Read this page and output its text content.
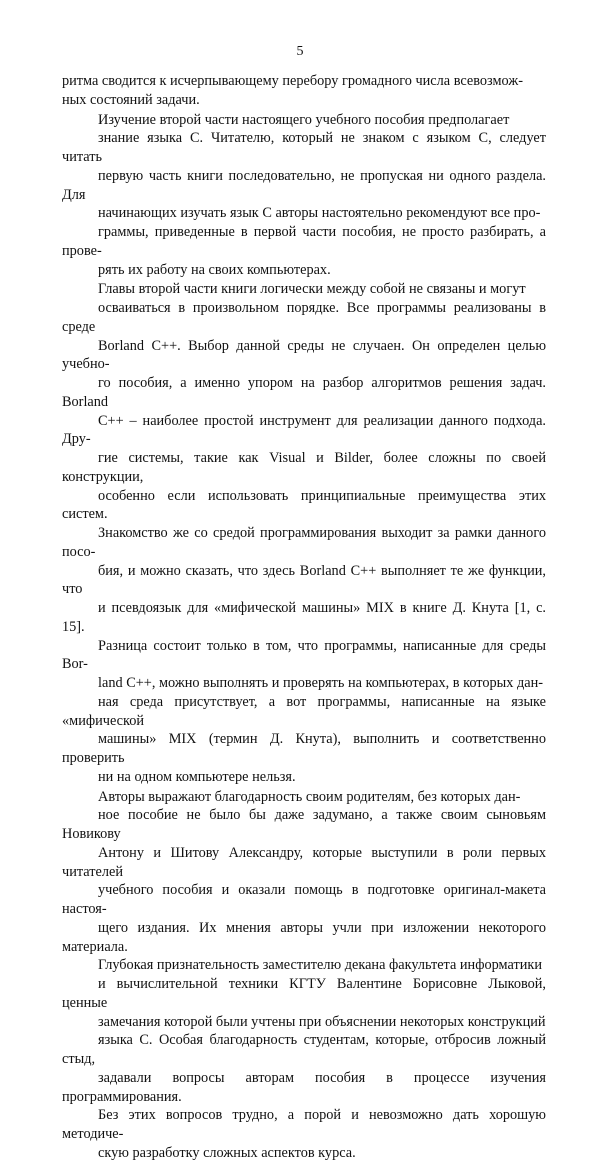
5

ритма сводится к исчерпывающему перебору громадного числа всевозмож-
ных состояний задачи.

Изучение второй части настоящего учебного пособия предполагает
знание языка С. Читателю, который не знаком с языком С, следует читать
первую часть книги последовательно, не пропуская ни одного раздела. Для
начинающих изучать язык С авторы настоятельно рекомендуют все про-
граммы, приведенные в первой части пособия, не просто разбирать, а прове-
рять их работу на своих компьютерах.

Главы второй части книги логически между собой не связаны и могут
осваиваться в произвольном порядке. Все программы реализованы в среде
Borland C++. Выбор данной среды не случаен. Он определен целью учебно-
го пособия, а именно упором на разбор алгоритмов решения задач. Borland
C++ – наиболее простой инструмент для реализации данного подхода. Дру-
гие системы, такие как Visual и Bilder, более сложны по своей конструкции,
особенно если использовать принципиальные преимущества этих систем.
Знакомство же со средой программирования выходит за рамки данного посо-
бия, и можно сказать, что здесь Borland C++ выполняет те же функции, что
и псевдоязык для «мифической машины» MIX в книге Д. Кнута [1, с. 15].
Разница состоит только в том, что программы, написанные для среды Bor-
land C++, можно выполнять и проверять на компьютерах, в которых дан-
ная среда присутствует, а вот программы, написанные на языке «мифической
машины» MIX (термин Д. Кнута), выполнить и соответственно проверить
ни на одном компьютере нельзя.

Авторы выражают благодарность своим родителям, без которых дан-
ное пособие не было бы даже задумано, а также своим сыновьям Новикову
Антону и Шитову Александру, которые выступили в роли первых читателей
учебного пособия и оказали помощь в подготовке оригинал-макета настоя-
щего издания. Их мнения авторы учли при изложении некоторого материала.
Глубокая признательность заместителю декана факультета информатики
и вычислительной техники КГТУ Валентине Борисовне Лыковой, ценные
замечания которой были учтены при объяснении некоторых конструкций
языка С. Особая благодарность студентам, которые, отбросив ложный стыд,
задавали вопросы авторам пособия в процессе изучения программирования.
Без этих вопросов трудно, а порой и невозможно дать хорошую методиче-
скую разработку сложных аспектов курса.
